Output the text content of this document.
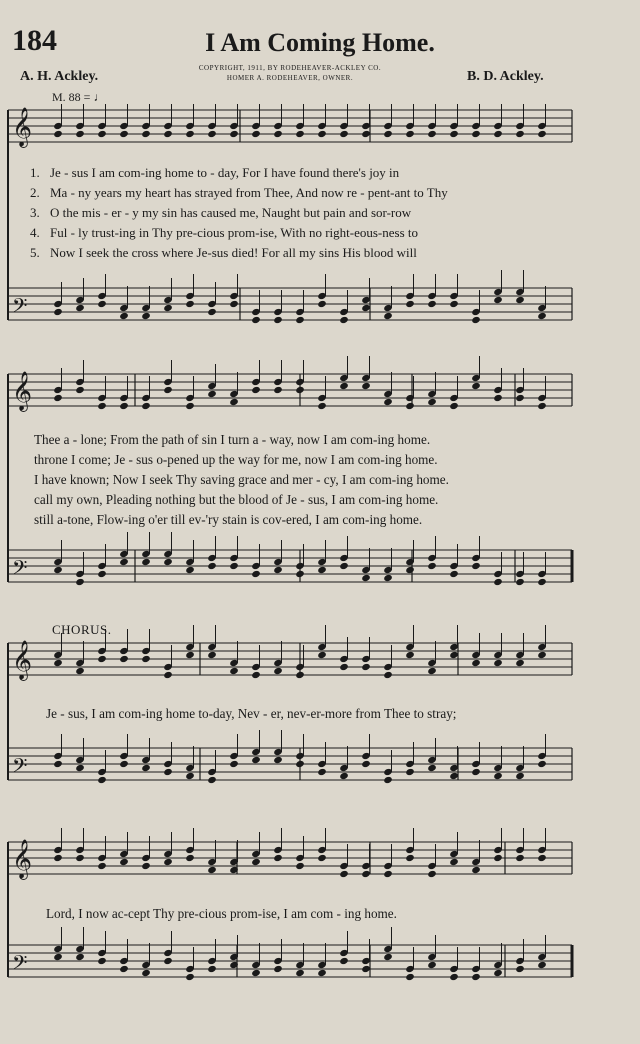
184	I Am Coming Home.
A. H. Ackley.
COPYRIGHT, 1911, BY RODEHEAVER-ACKLEY CO.
HOMER A. RODEHEAVER, OWNER.	B. D. Ackley.
M. 88 = ♩
𝄞
𝄢
𝄞
𝄢
𝄞
𝄢
𝄞
𝄢
1. Je - sus I am com-ing home to - day, For I have found there's joy in
2. Ma - ny years my heart has strayed from Thee, And now re - pent-ant to Thy
3. O the mis - er - y my sin has caused me, Naught but pain and sor-row
4. Ful - ly trust-ing in Thy pre-cious prom-ise, With no right-eous-ness to
5. Now I seek the cross where Je-sus died! For all my sins His blood will
Thee a - lone; From the path of sin I turn a - way, now I am com-ing home.
throne I come; Je - sus o-pened up the way for me, now I am com-ing home.
I have known; Now I seek Thy saving grace and mer - cy, I am com-ing home.
call my own, Pleading nothing but the blood of Je - sus, I am com-ing home.
still a-tone, Flow-ing o'er till ev-'ry stain is cov-ered, I am com-ing home.
CHORUS.
Je - sus, I am com-ing home to-day, Nev - er, nev-er-more from Thee to stray;
Lord, I now ac-cept Thy pre-cious prom-ise, I am com - ing home.
